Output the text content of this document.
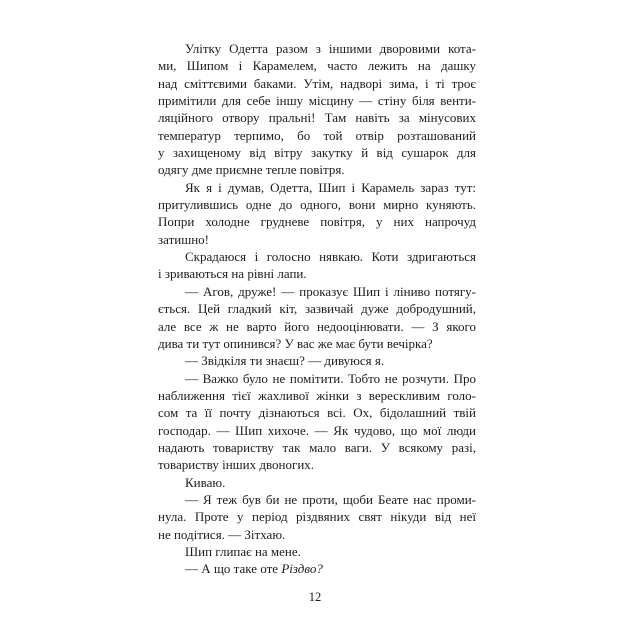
Улітку Одетта разом з іншими дворовими кота-
ми, Шипом і Карамелем, часто лежить на дашку
над сміттєвими баками. Утім, надворі зима, і ті троє
примітили для себе іншу місцину — стіну біля венти-
ляційного отвору пральні! Там навіть за мінусових
температур терпимо, бо той отвір розташований
у захищеному від вітру закутку й від сушарок для
одягу дме приємне тепле повітря.
Як я і думав, Одетта, Шип і Карамель зараз тут:
притулившись одне до одного, вони мирно куняють.
Попри холодне грудневе повітря, у них напрочуд
затишно!
Скрадаюся і голосно нявкаю. Коти здригаються
і зриваються на рівні лапи.
— Агов, друже! — проказує Шип і ліниво потягу-
ється. Цей гладкий кіт, зазвичай дуже добродушний,
але все ж не варто його недооцінювати. — З якого
дива ти тут опинився? У вас же має бути вечірка?
— Звідкіля ти знаєш? — дивуюся я.
— Важко було не помітити. Тобто не розчути. Про
наближення тієї жахливої жінки з верескливим голо-
сом та її почту дізнаються всі. Ох, бідолашний твій
господар. — Шип хихоче. — Як чудово, що мої люди
надають товариству так мало ваги. У всякому разі,
товариству інших двоногих.
Киваю.
— Я теж був би не проти, щоби Беате нас проми-
нула. Проте у період різдвяних свят нікуди від неї
не подітися. — Зітхаю.
Шип глипає на мене.
— А що таке оте Різдво?
12
